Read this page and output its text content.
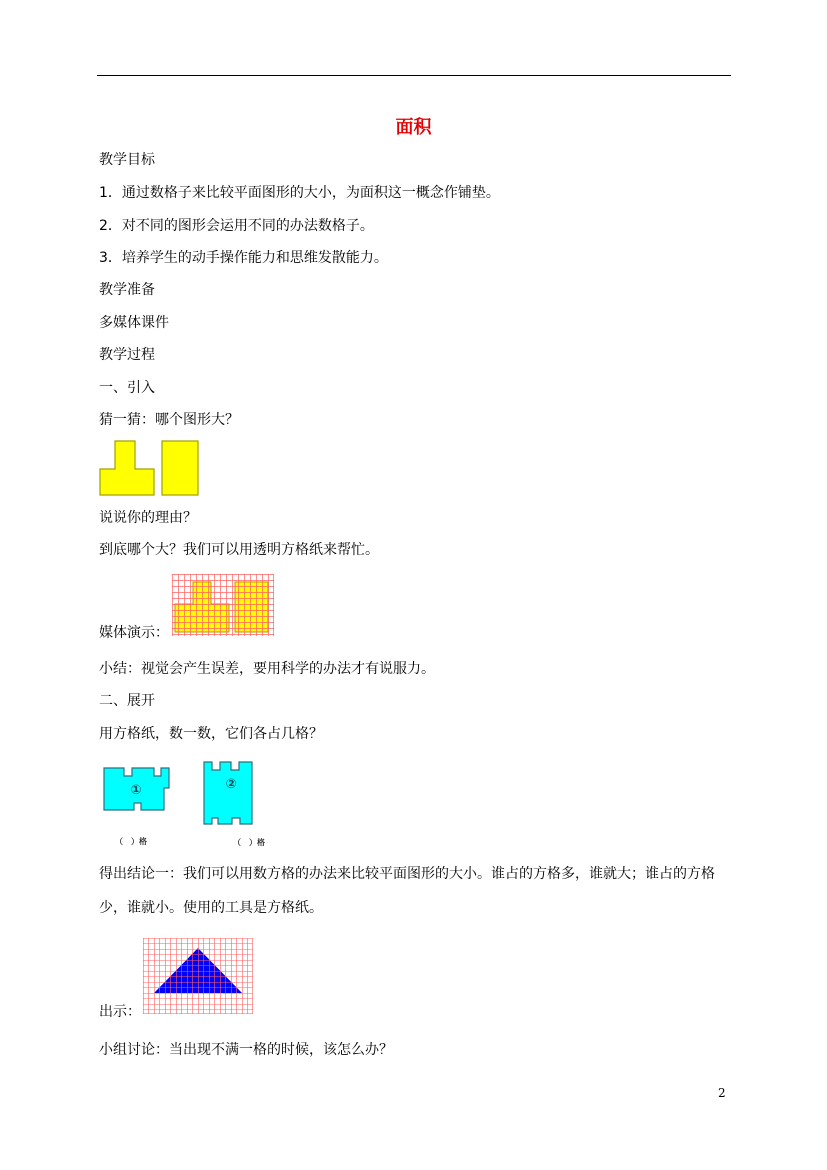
面积
教学目标
1．通过数格子来比较平面图形的大小，为面积这一概念作铺垫。
2．对不同的图形会运用不同的办法数格子。
3．培养学生的动手操作能力和思维发散能力。
教学准备
多媒体课件
教学过程
一、引入
猜一猜：哪个图形大？
说说你的理由？
到底哪个大？我们可以用透明方格纸来帮忙。
媒体演示：
小结：视觉会产生误差，要用科学的办法才有说服力。
二、展开
用方格纸，数一数，它们各占几格？
①	②
（　）格	（　）格
得出结论一：我们可以用数方格的办法来比较平面图形的大小。谁占的方格多，谁就大；谁占的方格少，谁就小。使用的工具是方格纸。
出示：
小组讨论：当出现不满一格的时候，该怎么办？
2
